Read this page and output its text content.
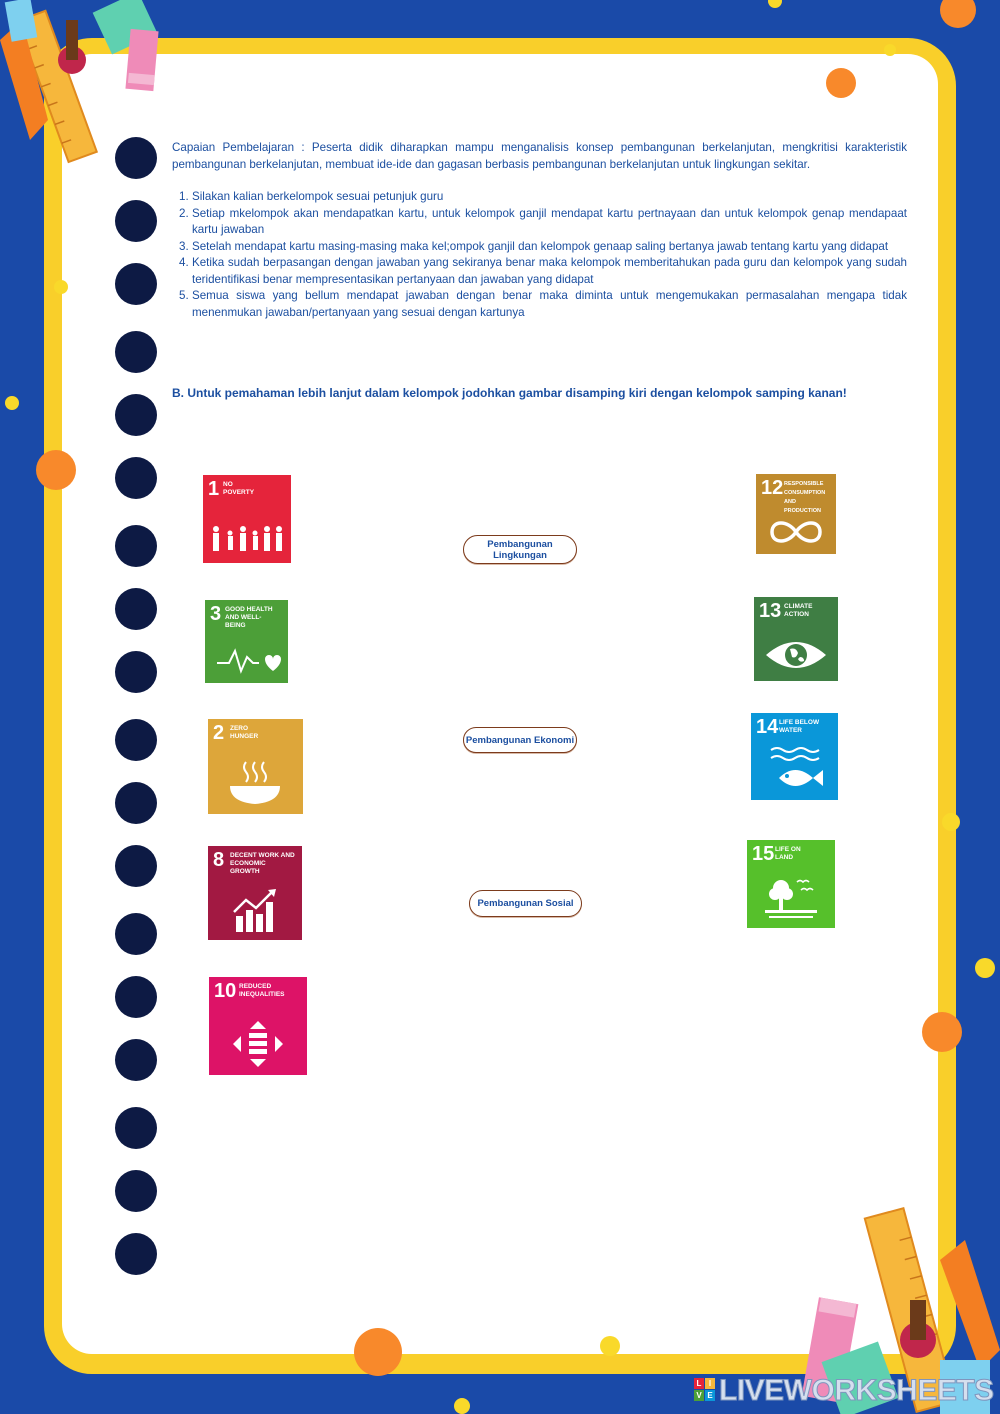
Capaian Pembelajaran : Peserta didik diharapkan mampu menganalisis konsep pembangunan berkelanjutan, mengkritisi karakteristik pembangunan berkelanjutan, membuat ide-ide dan gagasan berbasis pembangunan berkelanjutan untuk lingkungan sekitar.
1. Silakan kalian berkelompok sesuai petunjuk guru
2. Setiap mkelompok akan mendapatkan kartu, untuk kelompok ganjil mendapat kartu pertnayaan dan untuk kelompok genap mendapaat kartu jawaban
3. Setelah mendapat kartu masing-masing maka kel;ompok ganjil dan kelompok genaap saling bertanya jawab tentang kartu yang didapat
4. Ketika sudah berpasangan dengan jawaban yang sekiranya benar maka kelompok memberitahukan pada guru dan kelompok yang sudah teridentifikasi benar mempresentasikan pertanyaan dan jawaban yang didapat
5. Semua siswa yang bellum mendapat jawaban dengan benar maka diminta untuk mengemukakan permasalahan mengapa tidak menenmukan jawaban/pertanyaan yang sesuai dengan kartunya
B. Untuk pemahaman lebih lanjut dalam kelompok jodohkan gambar disamping kiri dengan kelompok samping kanan!
1 NO POVERTY
3 GOOD HEALTH AND WELL-BEING
2 ZERO HUNGER
8 DECENT WORK AND ECONOMIC GROWTH
10 REDUCED INEQUALITIES
12 RESPONSIBLE CONSUMPTION AND PRODUCTION
13 CLIMATE ACTION
14 LIFE BELOW WATER
15 LIFE ON LAND
Pembangunan Lingkungan
Pembangunan Ekonomi
Pembangunan Sosial
L I
V E LIVEWORKSHEETS
